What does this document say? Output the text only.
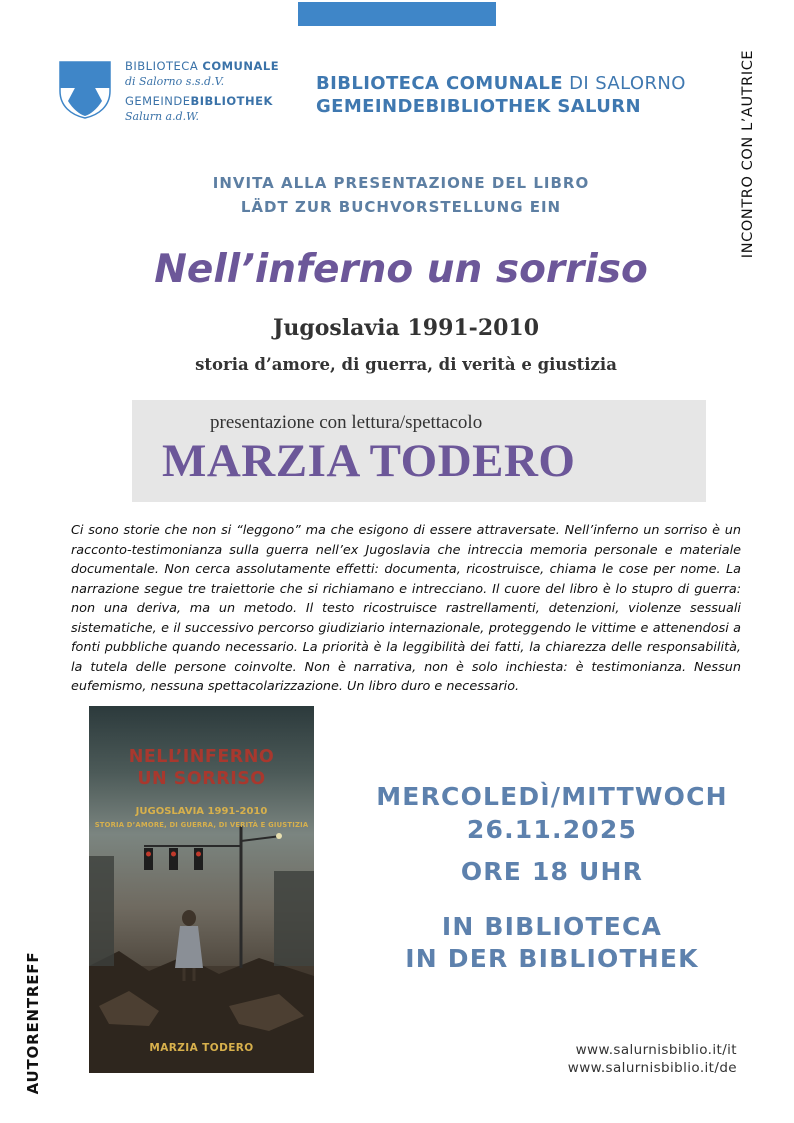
BIBLIOTECA COMUNALE
di Salorno s.s.d.V.
GEMEINDEBIBLIOTHEK
Salurn a.d.W.
BIBLIOTECA COMUNALE DI SALORNO
GEMEINDEBIBLIOTHEK SALURN	INCONTRO CON L’AUTRICE
AUTORENTREFF
INVITA ALLA PRESENTAZIONE DEL LIBRO
LÄDT ZUR BUCHVORSTELLUNG EIN
Nell’inferno un sorriso
Jugoslavia 1991-2010
storia d’amore, di guerra, di verità e giustizia
presentazione con lettura/spettacolo
MARZIA TODERO
Ci sono storie che non si “leggono” ma che esigono di essere attraversate. Nell’inferno un sorriso è un racconto-testimonianza sulla guerra nell’ex Jugoslavia che intreccia memoria personale e materiale documentale. Non cerca assolutamente effetti: documenta, ricostruisce, chiama le cose per nome. La narrazione segue tre traiettorie che si richiamano e intrecciano. Il cuore del libro è lo stupro di guerra: non una deriva, ma un metodo. Il testo ricostruisce rastrellamenti, detenzioni, violenze sessuali sistematiche, e il successivo percorso giudiziario internazionale, proteggendo le vittime e attenendosi a fonti pubbliche quando necessario. La priorità è la leggibilità dei fatti, la chiarezza delle responsabilità, la tutela delle persone coinvolte. Non è narrativa, non è solo inchiesta: è testimonianza. Nessun eufemismo, nessuna spettacolarizzazione. Un libro duro e necessario.
NELL’INFERNO
UN SORRISO
JUGOSLAVIA 1991-2010
STORIA D’AMORE, DI GUERRA, DI VERITÀ E GIUSTIZIA
MARZIA TODERO
MERCOLEDÌ/MITTWOCH
26.11.2025
ORE 18 UHR
IN BIBLIOTECA
IN DER BIBLIOTHEK
www.salurnisbiblio.it/it
www.salurnisbiblio.it/de
